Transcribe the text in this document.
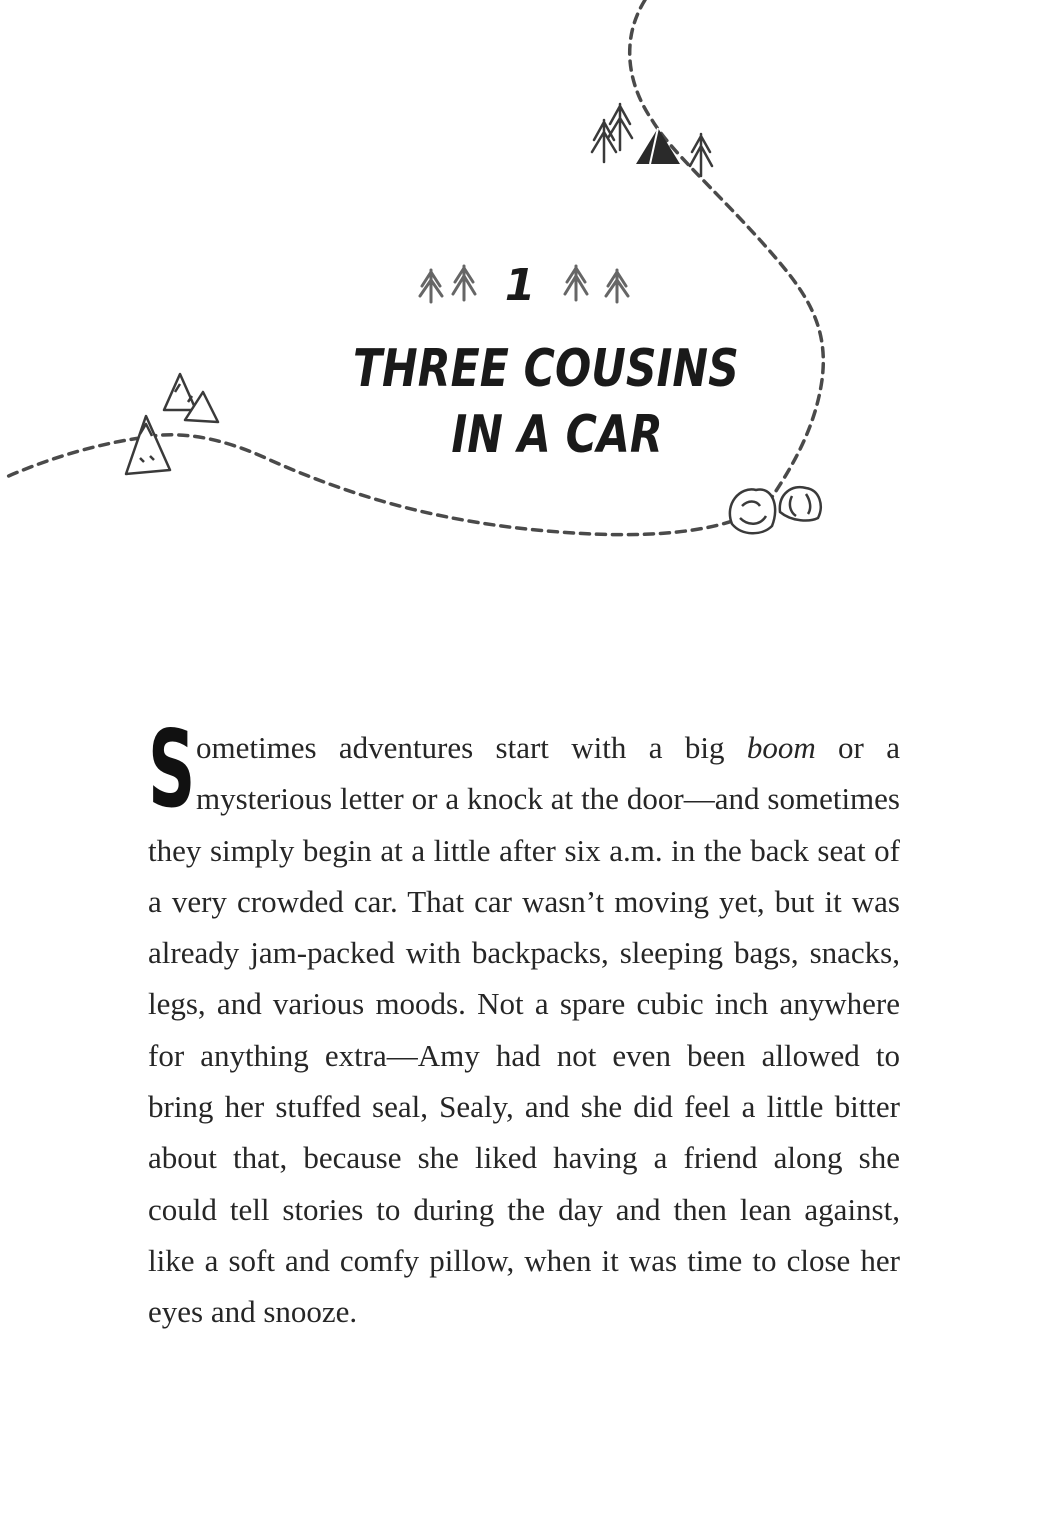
1
THREE COUSINS
IN A CAR

Sometimes adventures start with a big boom or a mysterious letter or a knock at the door—and sometimes they simply begin at a little after six a.m. in the back seat of a very crowded car. That car wasn’t moving yet, but it was already jam-packed with backpacks, sleeping bags, snacks, legs, and various moods. Not a spare cubic inch anywhere for anything extra—Amy had not even been allowed to bring her stuffed seal, Sealy, and she did feel a little bitter about that, because she liked having a friend along she could tell stories to during the day and then lean against, like a soft and comfy pillow, when it was time to close her eyes and snooze.
